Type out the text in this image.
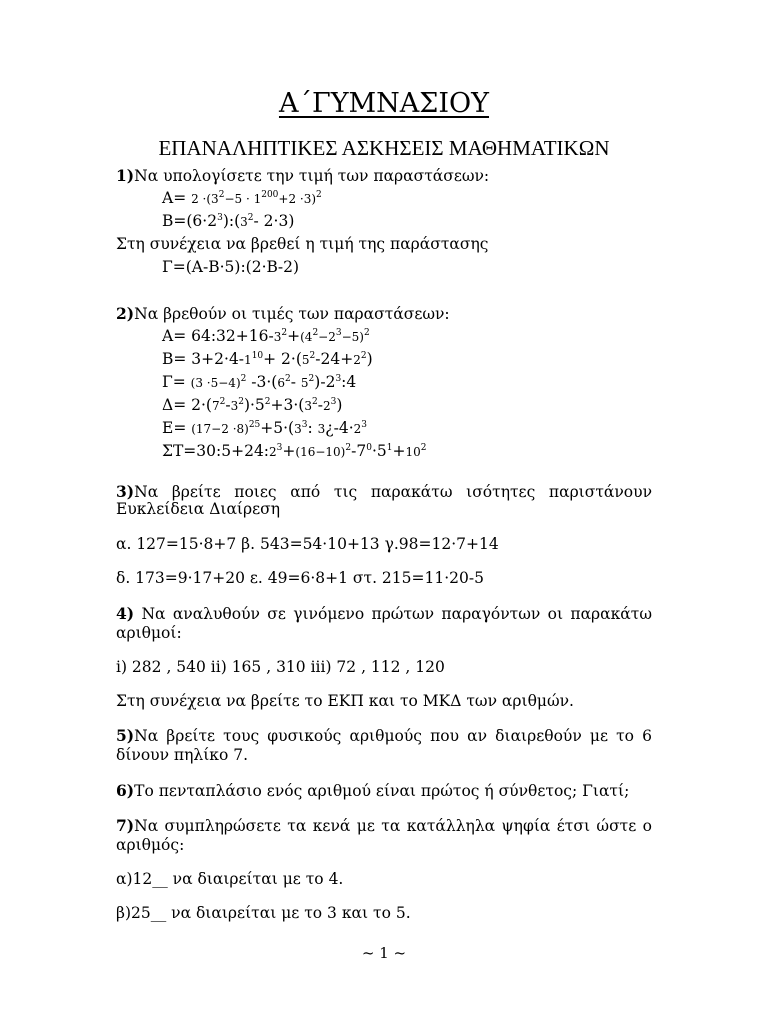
Α΄ΓΥΜΝΑΣΙΟΥ
ΕΠΑΝΑΛΗΠΤΙΚΕΣ ΑΣΚΗΣΕΙΣ ΜΑΘΗΜΑΤΙΚΩΝ
1)Να υπολογίσετε την τιμή των παραστάσεων:
$A= 2 \cdot(3^2-5 \cdot 1^{200}+2 \cdot 3)^2$
$B=(6\cdot 2^3):(3^2-$ 2·3)
Στη συνέχεια να βρεθεί η τιμή της παράστασης
Γ=(Α-Β·5):(2·Β-2)
2)Να βρεθούν οι τιμές των παραστάσεων:
$A= 64:32+16-3^2+(4^2-2^3-5)^2$
$B= 3+2\cdot 4-1^{10}+ 2\cdot(5^2-24+2^2)$
$\Gamma= (3 \cdot 5-4)^2$ $-3\cdot(6^2-$ $5^2)-2^3:4$
$\Delta= 2\cdot(7^2-3^2)\cdot 5^2+3\cdot(3^2-2^3)$
$E= (17-2 \cdot 8)^{25}+5\cdot(3^3$: $3¿-4\cdot 2^3$
$\Sigma T=30:5+24:2^3+(16-10)^2-7^0\cdot 5^1+10^2$
3)Να βρείτε ποιες από τις παρακάτω ισότητες παριστάνουν
Ευκλείδεια Διαίρεση
α. 127=15·8+7 β. 543=54·10+13 γ.98=12·7+14
δ. 173=9·17+20 ε. 49=6·8+1 στ. 215=11·20-5
4) Να αναλυθούν σε γινόμενο πρώτων παραγόντων οι παρακάτω
αριθμοί:
i) 282 , 540 ii) 165 , 310 iii) 72 , 112 , 120
Στη συνέχεια να βρείτε το ΕΚΠ και το ΜΚΔ των αριθμών.
5)Να βρείτε τους φυσικούς αριθμούς που αν διαιρεθούν με το 6
δίνουν πηλίκο 7.
6)Το πενταπλάσιο ενός αριθμού είναι πρώτος ή σύνθετος; Γιατί;
7)Να συμπληρώσετε τα κενά με τα κατάλληλα ψηφία έτσι ώστε ο
αριθμός:
α)12__ να διαιρείται με το 4.
β)25__ να διαιρείται με το 3 και το 5.
~ 1 ~
